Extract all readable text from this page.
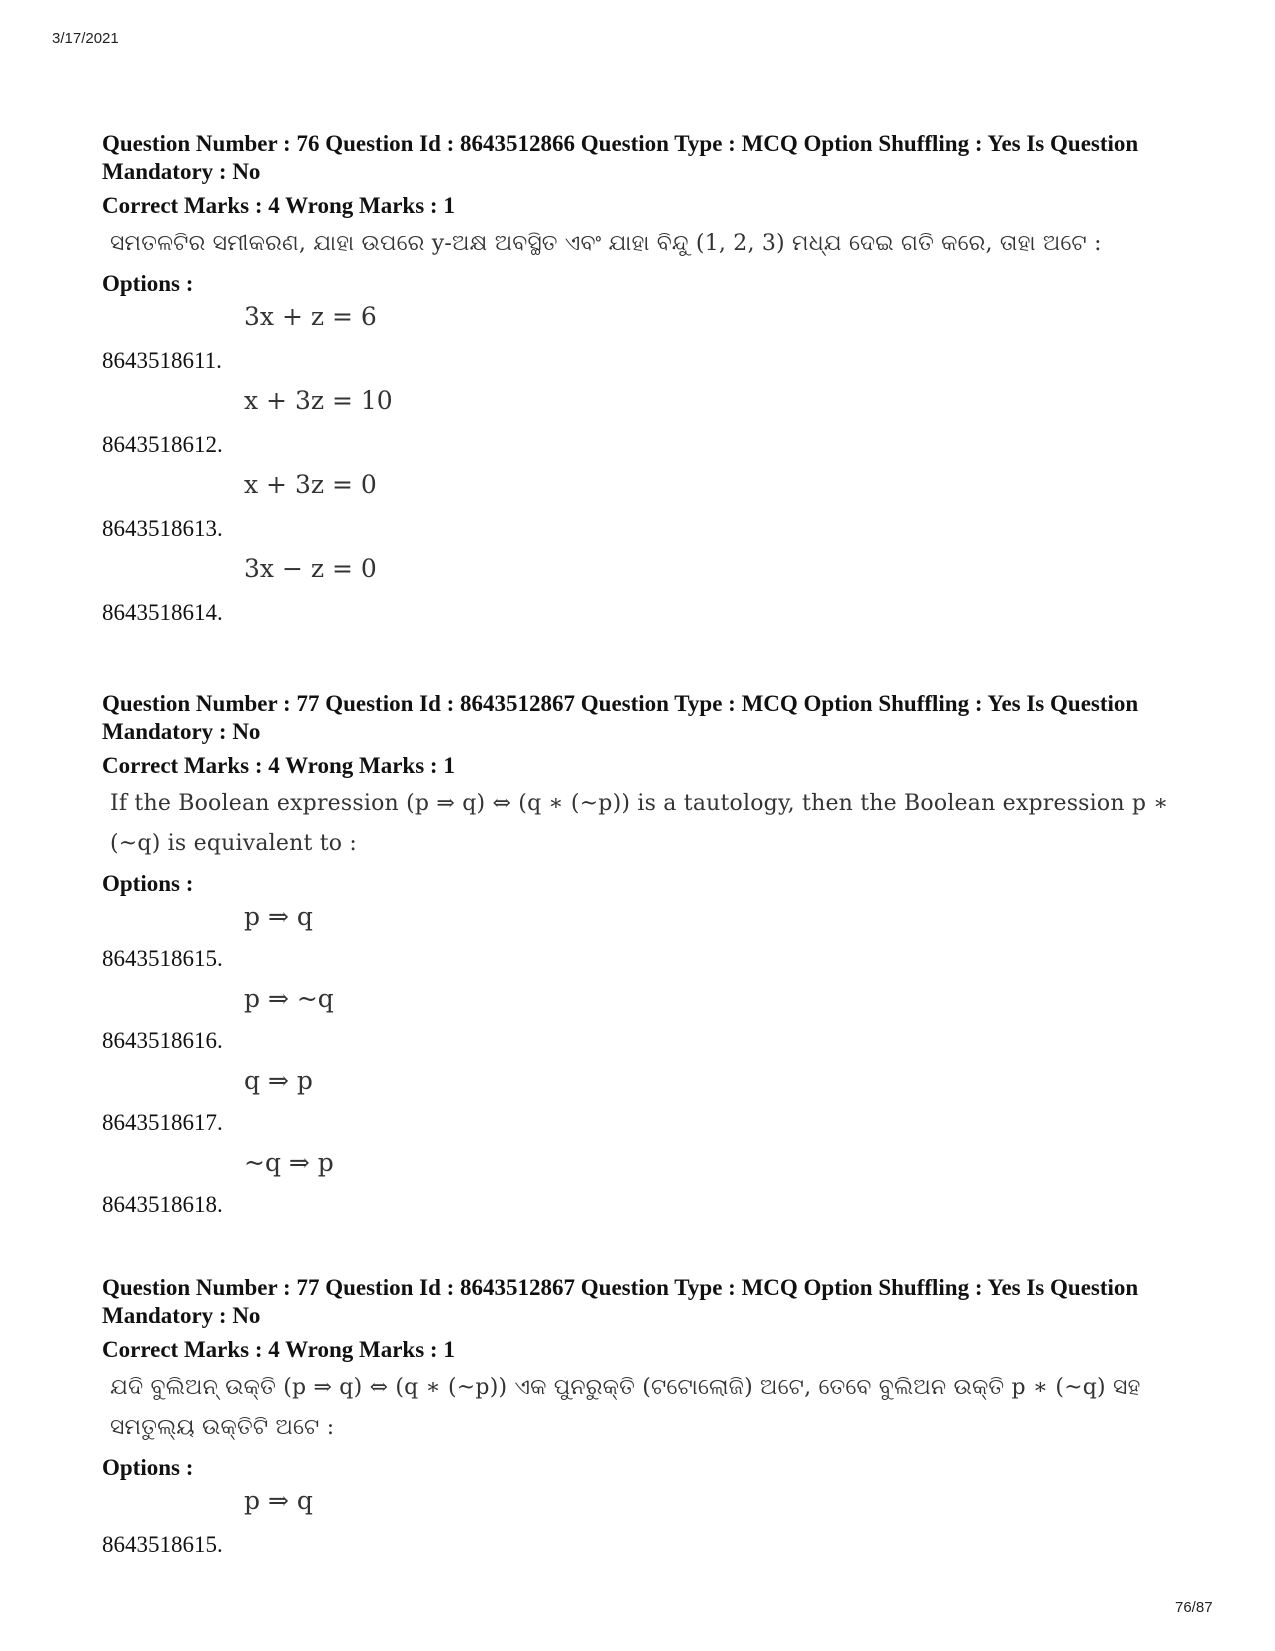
3/17/2021
Question Number : 76 Question Id : 8643512866 Question Type : MCQ Option Shuffling : Yes Is Question Mandatory : No
Correct Marks : 4 Wrong Marks : 1
ସମତଳଟିର ସମୀକରଣ, ଯାହା ଉପରେ y-ଅକ୍ଷ ଅବସ୍ଥିତ ଏବଂ ଯାହା ବିନ୍ଦୁ (1, 2, 3) ମଧ୍ଯ ଦେଇ ଗତି କରେ, ତାହା ଅଟେ :
Options :
8643518611.
3x + z = 6
8643518612.
x + 3z = 10
8643518613.
x + 3z = 0
8643518614.
3x − z = 0
Question Number : 77 Question Id : 8643512867 Question Type : MCQ Option Shuffling : Yes Is Question Mandatory : No
Correct Marks : 4 Wrong Marks : 1
If the Boolean expression (p ⇒ q) ⇔ (q ∗ (~p)) is a tautology, then the Boolean expression p ∗ (~q) is equivalent to :
Options :
8643518615.
p ⇒ q
8643518616.
p ⇒ ~q
8643518617.
q ⇒ p
8643518618.
~q ⇒ p
Question Number : 77 Question Id : 8643512867 Question Type : MCQ Option Shuffling : Yes Is Question Mandatory : No
Correct Marks : 4 Wrong Marks : 1
ଯଦି ବୁଲିଅନ୍ ଉକ୍ତି (p ⇒ q) ⇔ (q ∗ (~p)) ଏକ ପୁନରୁକ୍ତି (ଟଟୋଲୋଜି) ଅଟେ, ତେବେ ବୁଲିଅନ ଉକ୍ତି p ∗ (~q) ସହ ସମତୁଲ୍ୟ ଉକ୍ତିଟି ଅଟେ :
Options :
8643518615.
p ⇒ q
76/87
